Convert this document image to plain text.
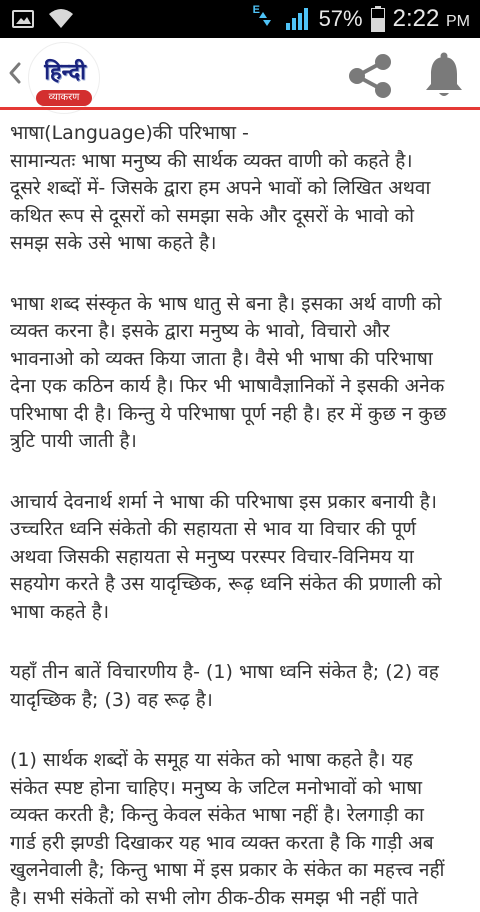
E	57% 2:22 PM
हिन्दी
व्याकरण

भाषा(Language)की परिभाषा -
सामान्यतः भाषा मनुष्य की सार्थक व्यक्त वाणी को कहते है।
दूसरे शब्दों में- जिसके द्वारा हम अपने भावों को लिखित अथवा
कथित रूप से दूसरों को समझा सके और दूसरों के भावो को
समझ सके उसे भाषा कहते है।

भाषा शब्द संस्कृत के भाष धातु से बना है। इसका अर्थ वाणी को
व्यक्त करना है। इसके द्वारा मनुष्य के भावो, विचारो और
भावनाओ को व्यक्त किया जाता है। वैसे भी भाषा की परिभाषा
देना एक कठिन कार्य है। फिर भी भाषावैज्ञानिकों ने इसकी अनेक
परिभाषा दी है। किन्तु ये परिभाषा पूर्ण नही है। हर में कुछ न कुछ
त्रुटि पायी जाती है।

आचार्य देवनार्थ शर्मा ने भाषा की परिभाषा इस प्रकार बनायी है।
उच्चरित ध्वनि संकेतो की सहायता से भाव या विचार की पूर्ण
अथवा जिसकी सहायता से मनुष्य परस्पर विचार-विनिमय या
सहयोग करते है उस यादृच्छिक, रूढ़ ध्वनि संकेत की प्रणाली को
भाषा कहते है।

यहाँ तीन बातें विचारणीय है- (1) भाषा ध्वनि संकेत है; (2) वह
यादृच्छिक है; (3) वह रूढ़ है।

(1) सार्थक शब्दों के समूह या संकेत को भाषा कहते है। यह
संकेत स्पष्ट होना चाहिए। मनुष्य के जटिल मनोभावों को भाषा
व्यक्त करती है; किन्तु केवल संकेत भाषा नहीं है। रेलगाड़ी का
गार्ड हरी झण्डी दिखाकर यह भाव व्यक्त करता है कि गाड़ी अब
खुलनेवाली है; किन्तु भाषा में इस प्रकार के संकेत का महत्त्व नहीं
है। सभी संकेतों को सभी लोग ठीक-ठीक समझ भी नहीं पाते
